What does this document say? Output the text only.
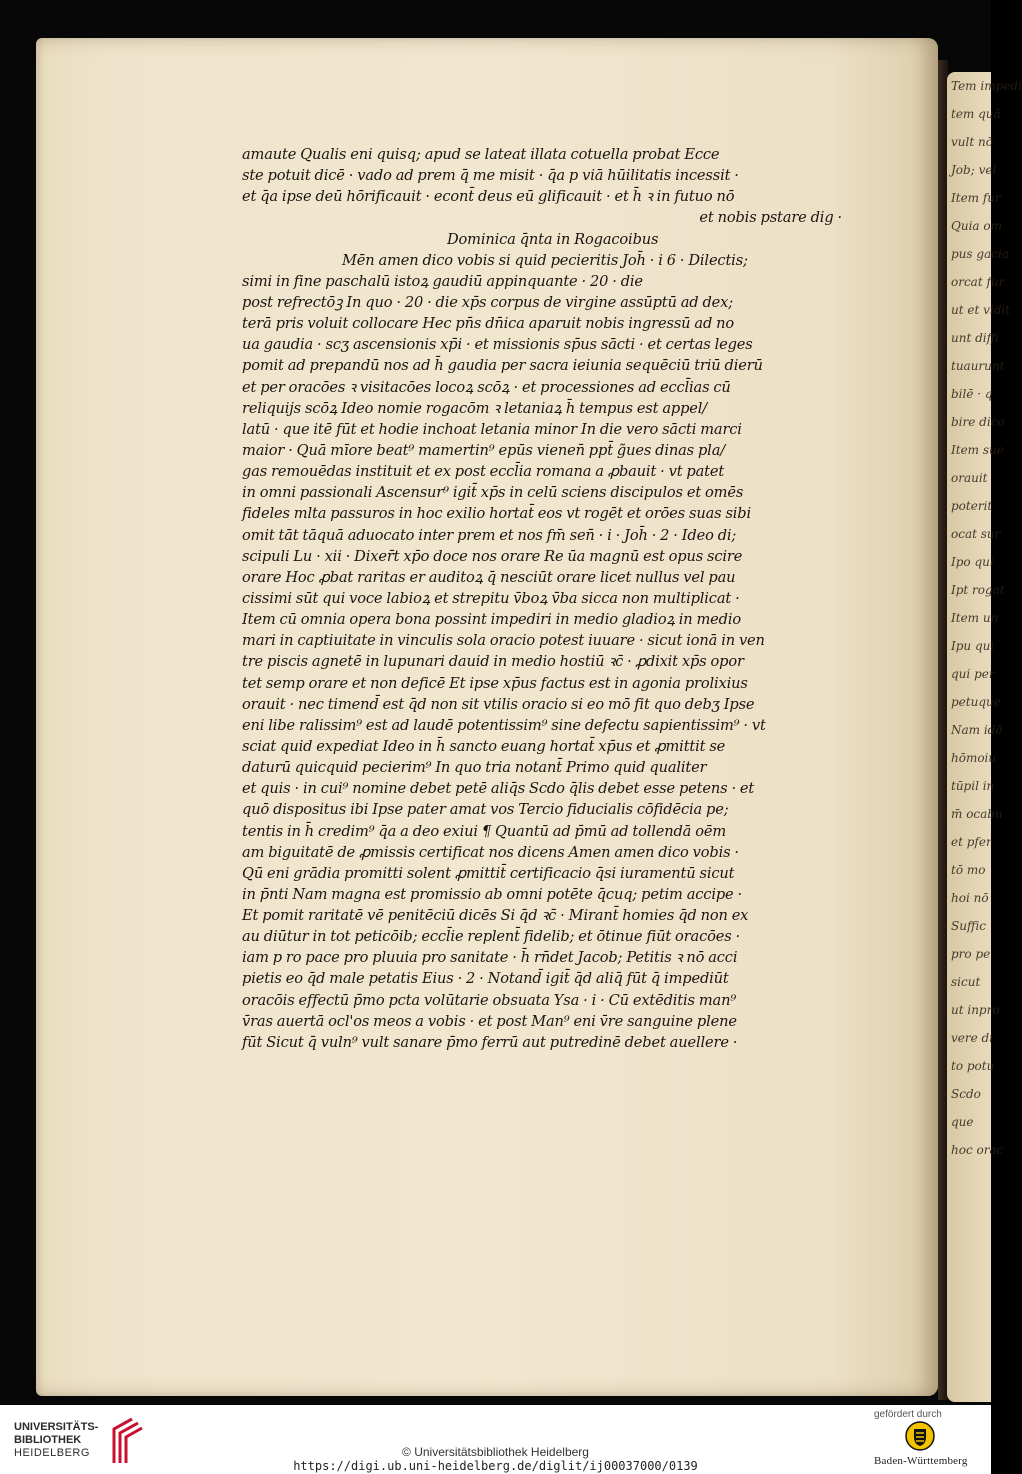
amaute Qualis eni quisq; apud se lateat illata cotuella probat Ecce
ste potuit dicē · vado ad prem q̄ me misit · q̄a p viā hūilitatis incessit ·
et q̄a ipse deū hōrificauit · econt̄ deus eū glificauit · et h̄ ꝛ in futuo nō
et nobis pstare dig ·
Dominica q̄nta in Rogacoibus
Mēn amen dico vobis si quid pecieritis Joh̄ · i 6 · Dilectis;
simi in fine paschalū istoꝝ gaudiū appinquante · 20 · die
post refrectōꝫ In quo · 20 · die xp̄s corpus de virgine assūptū ad dex;
terā pris voluit collocare Hec pn̄s dn̄ica aparuit nobis ingressū ad no
ua gaudia · scʒ ascensionis xp̄i · et missionis sp̄us sācti · et certas leges
pomit ad prepandū nos ad h̄ gaudia per sacra ieiunia sequēciū triū dierū
et per oracōes ꝛ visitacōes locoꝝ scōꝝ · et processiones ad eccl̄ias cū
reliquijs scōꝝ Ideo nomie rogacōm ꝛ letaniaꝝ h̄ tempus est appel/
latū · que itē fūt et hodie inchoat letania minor In die vero sācti marci
maior · Quā mīore beat⁹ mamertin⁹ epūs vienen̄ ppt̄ g̃ues dinas pla/
gas remouēdas instituit et ex post eccl̄ia romana a ꝓbauit · vt patet
in omni passionali Ascensur⁹ igit̄ xp̄s in celū sciens discipulos et omēs
fideles mlta passuros in hoc exilio hortat̄ eos vt rogēt et orōes suas sibi
omit tāt tāquā aduocato inter prem et nos fm̄ sen̄ · i · Joh̄ · 2 · Ideo di;
scipuli Lu · xii · Dixer̄t xp̄o doce nos orare Re ūa magnū est opus scire
orare Hoc ꝓbat raritas er auditoꝝ q̄ nesciūt orare licet nullus vel pau
cissimi sūt qui voce labioꝝ et strepitu v̄boꝝ v̄ba sicca non multiplicat ·
Item cū omnia opera bona possint impediri in medio gladioꝝ in medio
mari in captiuitate in vinculis sola oracio potest iuuare · sicut ionā in ven
tre piscis agnetē in lupunari dauid in medio hostiū ꝛc̄ · ꝓdixit xp̄s opor
tet semp orare et non deficē Et ipse xp̄us factus est in agonia prolixius
orauit · nec timend̄ est q̄d non sit vtilis oracio si eo mō fit quo debʒ Ipse
eni libe ralissim⁹ est ad laudē potentissim⁹ sine defectu sapientissim⁹ · vt
sciat quid expediat Ideo in h̄ sancto euang hortat̄ xp̄us et ꝓmittit se
daturū quicquid pecierim⁹ In quo tria notant̄ Primo quid qualiter
et quis · in cui⁹ nomine debet petē aliq̄s Scdo q̄lis debet esse petens · et
quō dispositus ibi Ipse pater amat vos Tercio fiducialis cōfidēcia pe;
tentis in h̄ credim⁹ q̄a a deo exiui ¶ Quantū ad p̄mū ad tollendā oēm
am biguitatē de ꝓmissis certificat nos dicens Amen amen dico vobis ·
Qū eni grādia promitti solent ꝓmittit̄ certificacio q̄si iuramentū sicut
in p̄nti Nam magna est promissio ab omni potēte q̄cuq; petim accipe ·
Et pomit raritatē vē penitēciū dicēs Si q̄d ꝛc̄ · Mirant̄ homies q̄d non ex
au diūtur in tot peticōib; eccl̄ie replent̄ fidelib; et ōtinue fiūt oracōes ·
iam p ro pace pro pluuia pro sanitate · h̄ rn̄det Jacob; Petitis ꝛ nō acci
pietis eo q̄d male petatis Eius · 2 · Notand̄ igit̄ q̄d aliq̄ fūt q̄ impediūt
oracōis effectū p̄mo pcta volūtarie obsuata Ysa · i · Cū extēditis man⁹
v̄ras auertā ocl'os meos a vobis · et post Man⁹ eni v̄re sanguine plene
fūt Sicut q̄ vuln⁹ vult sanare p̄mo ferrū aut putredinē debet auellere ·
Tem impedi
tem quā
vult nō
Job; vel
Item fur
Quia om
pus gacia
orcat fur
ut et vidit
unt diffi
tuaurunt
bilē · q
bire dico
Item sue
orauit
poterit
ocat sur
Ipo qui
Ipt rogat
Item un
Ipu qui
qui per
petuque
Nam idē
hōmoiu
tūpil in
m̄ ocabu
et pfer
tō mo
hoi nō
Suffic
pro pe
sicut
ut inpro
vere di
to potu
Scdo
que
hoc orac
UNIVERSITÄTS-
BIBLIOTHEK
HEIDELBERG	© Universitätsbibliothek Heidelberg
https://digi.ub.uni-heidelberg.de/diglit/ij00037000/0139
gefördert durch
Baden-Württemberg
